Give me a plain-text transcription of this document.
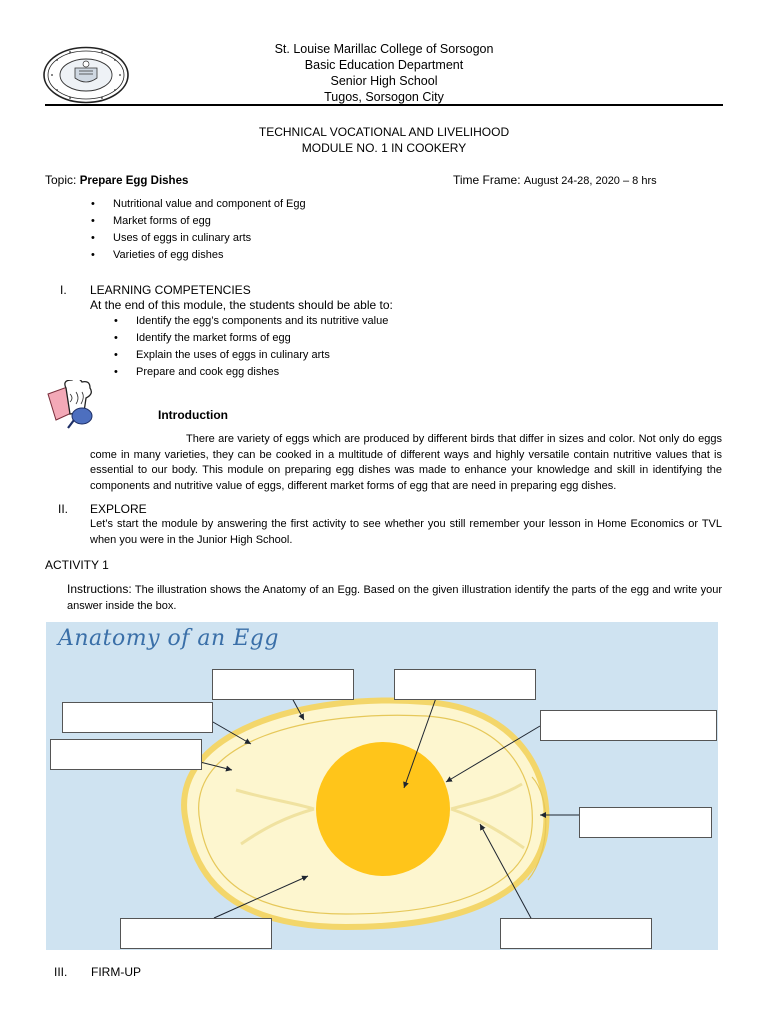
St. Louise Marillac College of Sorsogon
Basic Education Department
Senior High School
Tugos, Sorsogon City
TECHNICAL VOCATIONAL AND LIVELIHOOD
MODULE NO. 1 IN COOKERY
Topic: Prepare Egg Dishes	Time Frame: August 24-28, 2020 – 8 hrs
• Nutritional value and component of Egg
• Market forms of egg
• Uses of eggs in culinary arts
• Varieties of egg dishes
I. LEARNING COMPETENCIES
At the end of this module, the students should be able to:
• Identify the egg’s components and its nutritive value
• Identify the market forms of egg
• Explain the uses of eggs in culinary arts
• Prepare and cook egg dishes
Introduction
There are variety of eggs which are produced by different birds that differ in sizes and color. Not only do eggs come in many varieties, they can be cooked in a multitude of different ways and highly versatile contain nutritive values that is essential to our body. This module on preparing egg dishes was made to enhance your knowledge and skill in identifying the components and nutritive value of eggs, different market forms of egg that are need in preparing egg dishes.
II. EXPLORE
Let’s start the module by answering the first activity to see whether you still remember your lesson in Home Economics or TVL when you were in the Junior High School.
ACTIVITY 1
Instructions: The illustration shows the Anatomy of an Egg. Based on the given illustration identify the parts of the egg and write your answer inside the box.
Anatomy of an Egg
III. FIRM-UP
